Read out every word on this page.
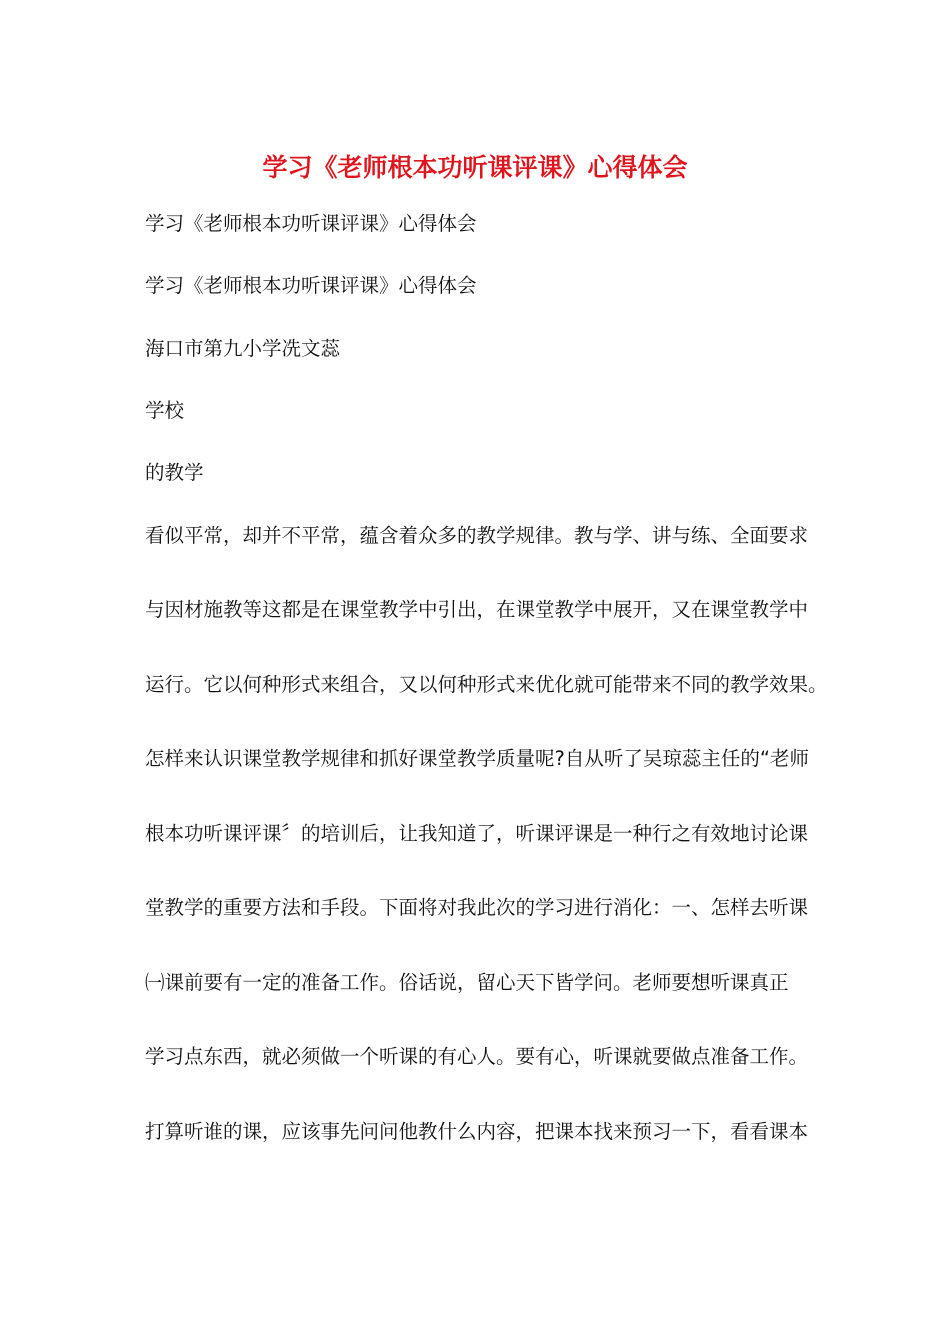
学习《老师根本功听课评课》心得体会
学习《老师根本功听课评课》心得体会
学习《老师根本功听课评课》心得体会
海口市第九小学冼文蕊
学校
的教学
看似平常，却并不平常，蕴含着众多的教学规律。教与学、讲与练、全面要求
与因材施教等这都是在课堂教学中引出，在课堂教学中展开，又在课堂教学中
运行。它以何种形式来组合，又以何种形式来优化就可能带来不同的教学效果。
怎样来认识课堂教学规律和抓好课堂教学质量呢?自从听了吴琼蕊主任的“老师
根本功听课评课〞的培训后，让我知道了，听课评课是一种行之有效地讨论课
堂教学的重要方法和手段。下面将对我此次的学习进行消化：一、怎样去听课
㈠课前要有一定的准备工作。俗话说，留心天下皆学问。老师要想听课真正
学习点东西，就必须做一个听课的有心人。要有心，听课就要做点准备工作。
打算听谁的课，应该事先问问他教什么内容，把课本找来预习一下，看看课本
